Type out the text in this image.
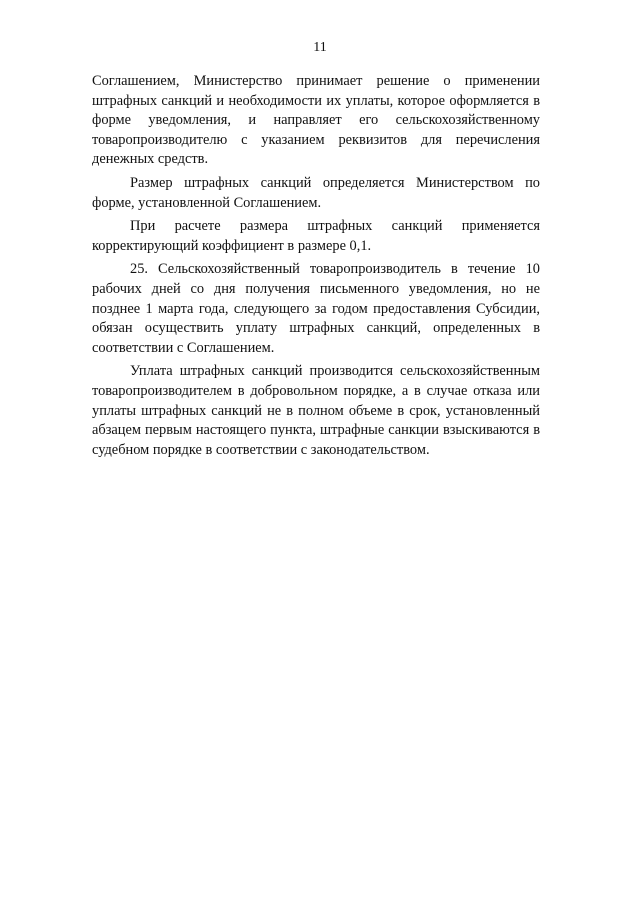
11

Соглашением, Министерство принимает решение о применении штрафных санкций и необходимости их уплаты, которое оформляется в форме уведомления, и направляет его сельскохозяйственному товаропроизводителю с указанием реквизитов для перечисления денежных средств.

Размер штрафных санкций определяется Министерством по форме, установленной Соглашением.

При расчете размера штрафных санкций применяется корректирующий коэффициент в размере 0,1.

25. Сельскохозяйственный товаропроизводитель в течение 10 рабочих дней со дня получения письменного уведомления, но не позднее 1 марта года, следующего за годом предоставления Субсидии, обязан осуществить уплату штрафных санкций, определенных в соответствии с Соглашением.

Уплата штрафных санкций производится сельскохозяйственным товаропроизводителем в добровольном порядке, а в случае отказа или уплаты штрафных санкций не в полном объеме в срок, установленный абзацем первым настоящего пункта, штрафные санкции взыскиваются в судебном порядке в соответствии с законодательством.
